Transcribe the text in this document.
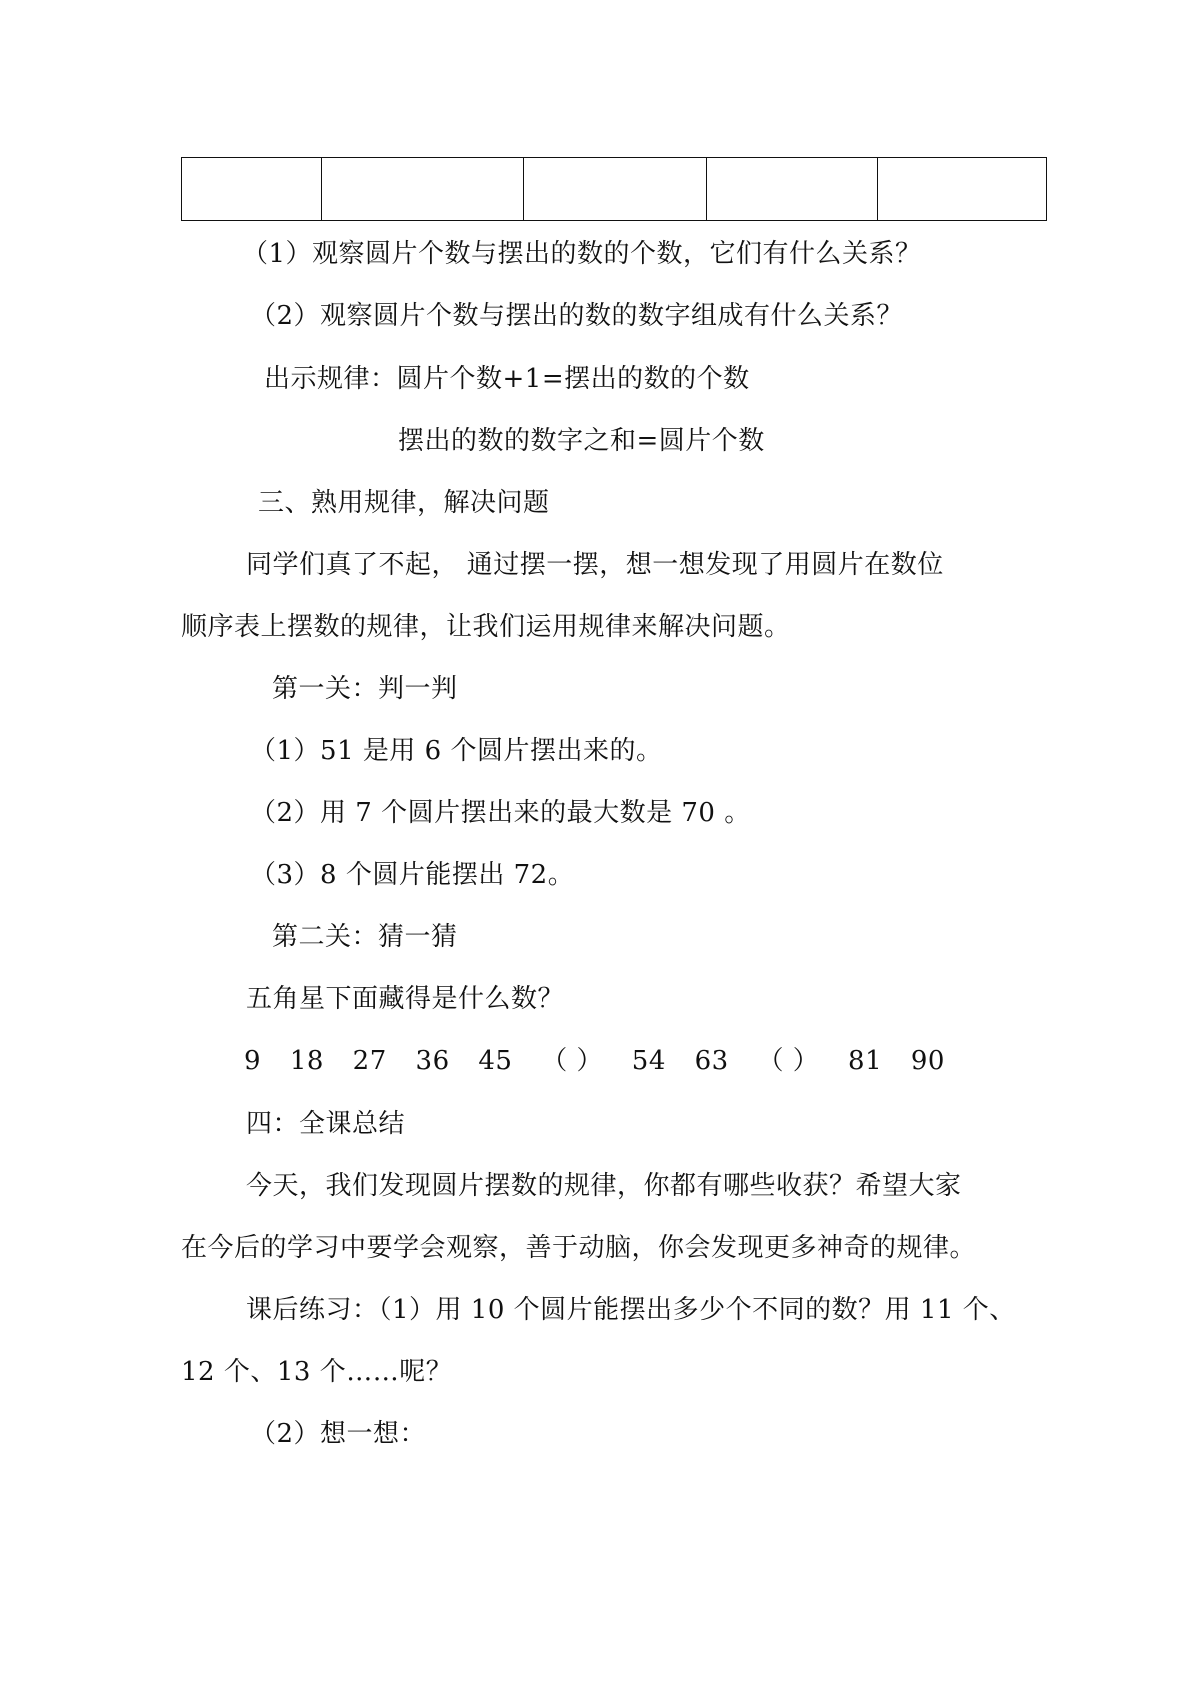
（1）观察圆片个数与摆出的数的个数，它们有什么关系？
（2）观察圆片个数与摆出的数的数字组成有什么关系？
出示规律：圆片个数+1=摆出的数的个数
摆出的数的数字之和=圆片个数
三、熟用规律，解决问题
同学们真了不起， 通过摆一摆，想一想发现了用圆片在数位
顺序表上摆数的规律，让我们运用规律来解决问题。
第一关：判一判
（1）51 是用 6 个圆片摆出来的。
（2）用 7 个圆片摆出来的最大数是 70 。
（3）8 个圆片能摆出 72。
第二关：猜一猜
五角星下面藏得是什么数？
9 18 27 36 45 （ ） 54 63 （ ） 81 90
四：全课总结
今天，我们发现圆片摆数的规律，你都有哪些收获？希望大家
在今后的学习中要学会观察，善于动脑，你会发现更多神奇的规律。
课后练习：（1）用 10 个圆片能摆出多少个不同的数？用 11 个、
12 个、13 个……呢？
（2）想一想：
